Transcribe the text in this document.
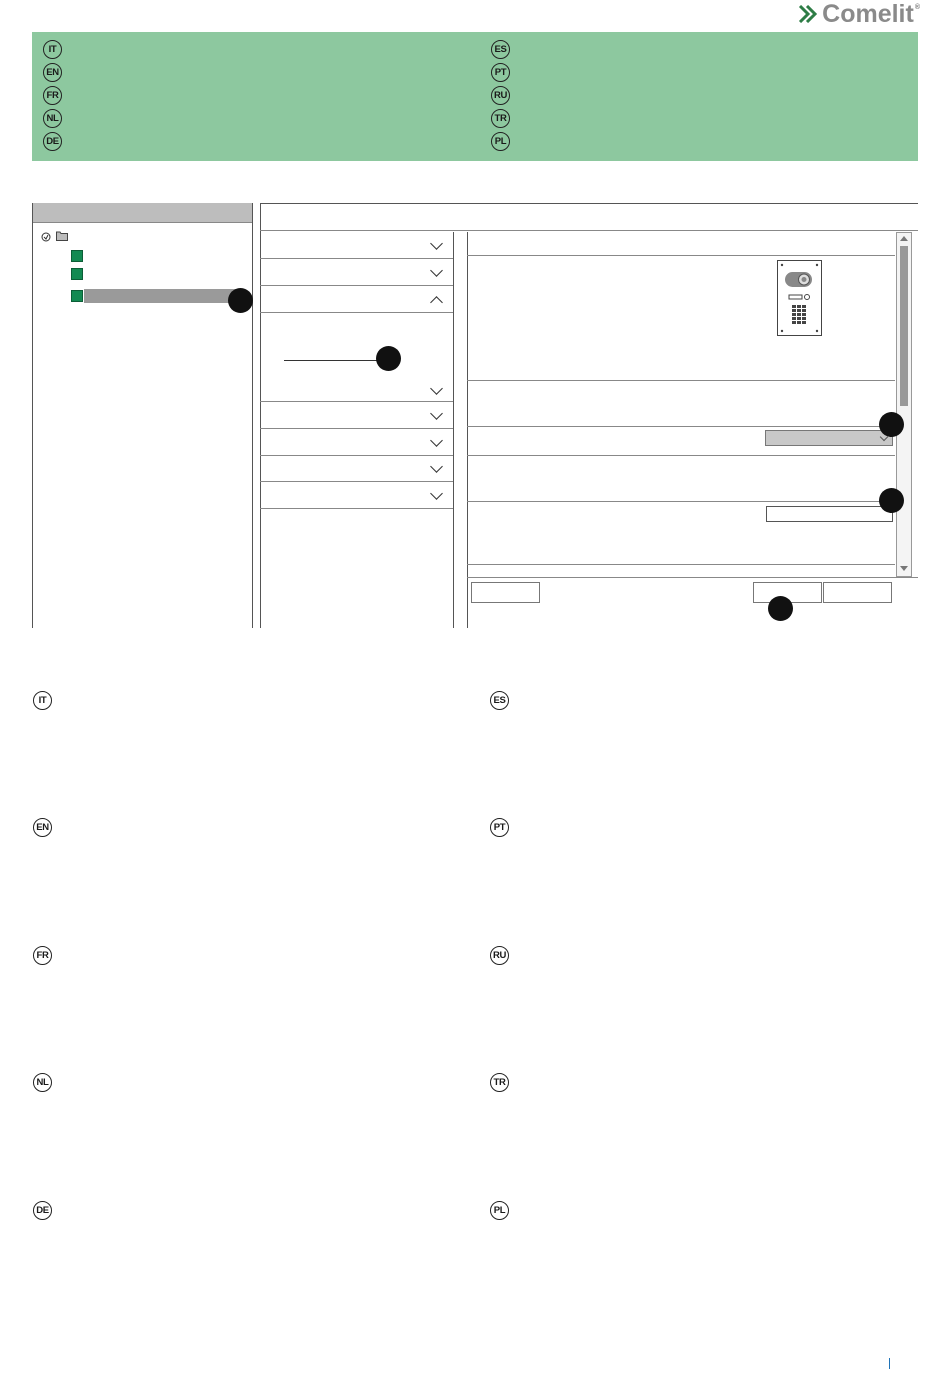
Comelit ®
IT
EN
FR
NL
DE
ES
PT
RU
TR
PL
IT
EN
FR
NL
DE
ES
PT
RU
TR
PL
